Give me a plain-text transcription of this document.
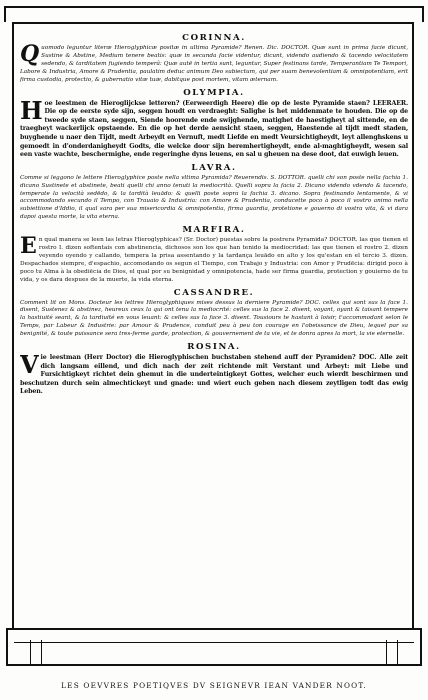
CORINNA.

Quomodo leguntur literæ Hieroglyphicæ positæ in ultima Pyramide? Renen. Dic. DOCTOR. Quæ sunt in prima facie dicunt, Sustine & Abstine, Medium tenere beatis: quæ in secunda facie videntur, dicunt, videndo audiendo & tacendo velocitatem sedendo, & tarditatem fugiendo temperâ: Quæ autē in tertia sunt, leguntur, Super festinans tarde, Temperantiam Te Tempori, Labore & Industria, Amore & Prudentia, paulatim deduc animum Deo subiectum, qui per suam benevolentiam & omnipotentiam, erit firma custodia, protectio, & gubernatio vitæ tuæ, dabitque post mortem, vitam æternam.

OLYMPIA.

Hoe leestmen de Hieroglijckse letteren? (Eerweerdigh Heere) die op de leste Pyramide staen? LEERAER. Die op de eerste syde sijn, seggen houdt en verdraeght: Salighe is het middenmate te houden. Die op de tweede syde staen, seggen, Siende hoorende ende swijghende, matighet de haestigheyt al sittende, en de traegheyt wackerlijck opstaende. En die op het derde aensicht staen, seggen, Haestende al tijdt medt staden, buyghende u naer den Tijdt, medt Arbeydt en Vernuft, medt Liefde en medt Veursichtigheydt, leyt allenghskens u gemoedt in d'onderdanigheydt Godts, die welcke door sijn beremhertigheydt, ende al-maghtigheydt, wesen sal een vaste wachte, beschermighe, ende regeringhe dyns leuens, en sal u gheuen na dese doot, dat euwigh leuen.

LAVRA.

Comme si leggono le lettere Hieroglyphice poste nella vltima Pyramida? Reuerendis. S. DOTTOR. quelli chi son poste nella fachia 1. dicano Sustinete et abstinete, beati quelli chi anno tenuti la mediocrità. Quelli sopra la facia 2. Dicano videndo vdendo & tacendo, temperate la velocità sedēdo, & la tardità leuādo: & quelli poste sopra la fachia 3. dicano. Sopra festinando lentamente, & vi accommodando secundo il Tempo, con Trauaio & Industria: con Amore & Prudentia, conducette poco à poco il vostro animo nella subiettione d'Iddio, il qual sara per sua misericordia & omnipotentia, firma guardia, protetione e gouerno di vostra vita, & vi dara dapoi questa morte, la vita eterna.

MARFIRA.

En qual manera se leen las letras Hieroglyphicas? (Sr. Doctor) puestas sobre la postrera Pyramida? DOCTOR. las que tienen el rostro I. dizen softentais con abstinencia, dichosos son los que han tenido la mediocridad: las que tienen el rostro 2. dizen veyendo oyendo y callando, tempera la prisa assentando y la tardança leuādo en alto y los qu'estan en el tercio 3. dizen. Despachados siempre, d'espachio, accomodando os segun el Tiempo, con Trabajo y Industria: con Amor y Prudēcia: dirigid poco à poco tu Alma à la obediēcia de Dios, el qual por su benignidad y omnipotencia, hade ser firma guardia, protection y gouierno de tu vida, y os dara despues de la muerte, la vida eterna.

CASSANDRE.

Comment lit on Mons. Docteur les lettres Hieroglyphiques mises dessus la derniere Pyramide? DOC. celles qui sont sus la face 1. disent, Sustenez & abstinez, heureux ceux la qui ont tenu la mediocrité: celles sus la face 2. disent, voyant, oyant & taisant tempere la hastiuité seant, & la tardiuité en vous leuant: & celles sus la face 3. disent. Tousiours te hastant à loisir, t'accommodant selon le Temps, par Labeur & Industrie: par Amour & Prudence, conduit peu à peu ton courage en l'obeissance de Dieu, lequel par sa benignité, & toute puissance sera tres-ferme garde, protection, & gouvernement de ta vie, et te donra apres la mort, la vie eternelle.

ROSINA.

Vie leestman (Herr Doctor) die Hieroglyphischen buchstaben stehend auff der Pyramiden? DOC. Alle zeit dich langsam eillend, und dich nach der zeit richtende mit Verstant und Arbeyt: mit Liebe und Fursichtigkeyt richtet dein ghemut in die underteintigkeyt Gottes, welcher euch wierdt beschirmen und beschutzen durch sein almechtickeyt und gnade: und wiert euch geben nach diesem zeytligen todt das ewig Leben.

LES OEVVRES POETIQVES DV SEIGNEVR IEAN VANDER NOOT.
